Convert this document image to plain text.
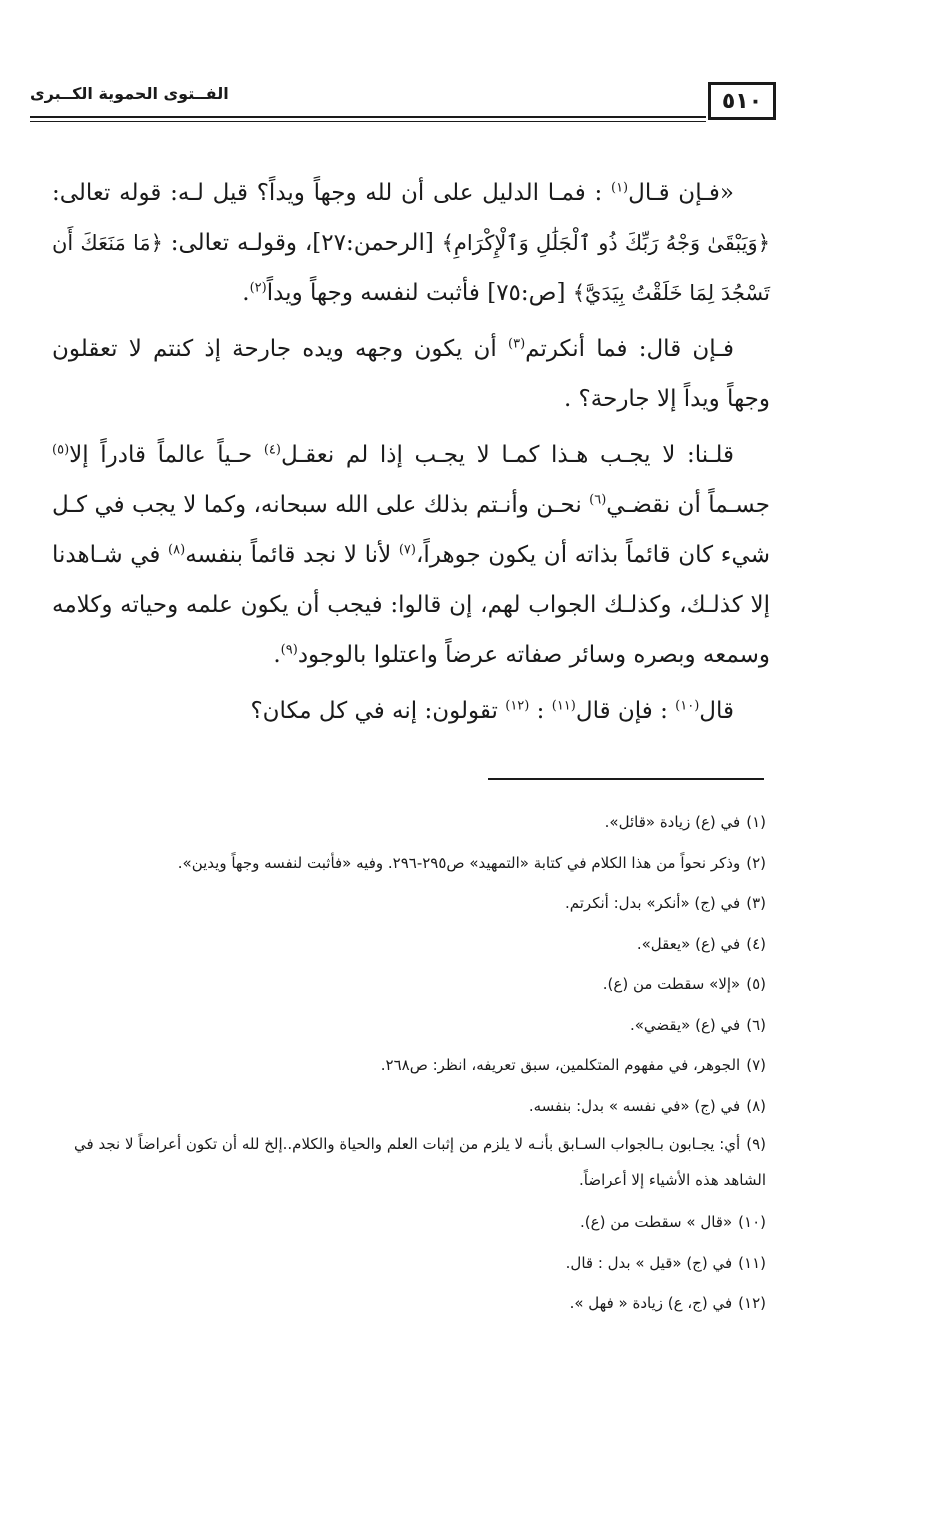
الفــتوى الحموية الكــبرى	٥١٠

«فـإن قـال$^{(١)}$ : فمـا الدليل على أن لله وجهاً ويداً؟ قيل لـه: قوله تعالى: ﴿وَيَبْقَىٰ وَجْهُ رَبِّكَ ذُو ٱلْجَلَٰلِ وَٱلْإِكْرَامِ﴾ [الرحمن:٢٧]، وقولـه تعالى: ﴿مَا مَنَعَكَ أَن تَسْجُدَ لِمَا خَلَقْتُ بِيَدَيَّ﴾ [ص:٧٥] فأثبت لنفسه وجهاً ويداً$^{(٢)}$.

فـإن قال: فما أنكرتم$^{(٣)}$ أن يكون وجهه ويده جارحة إذ كنتم لا تعقلون وجهاً ويداً إلا جارحة؟ .

قلـنا: لا يجـب هـذا كمـا لا يجـب إذا لم نعقـل$^{(٤)}$ حـياً عالماً قادراً إلا$^{(٥)}$ جسـماً أن نقضـي$^{(٦)}$ نحـن وأنـتم بذلك على الله سبحانه، وكما لا يجب في كـل شيء كان قائماً بذاته أن يكون جوهراً،$^{(٧)}$ لأنا لا نجد قائماً بنفسه$^{(٨)}$ في شـاهدنا إلا كذلـك، وكذلـك الجواب لهم، إن قالوا: فيجب أن يكون علمه وحياته وكلامه وسمعه وبصره وسائر صفاته عرضاً واعتلوا بالوجود$^{(٩)}$.

قال$^{(١٠)}$ : فإن قال$^{(١١)}$ : $^{(١٢)}$ تقولون: إنه في كل مكان؟

(١)في (ع) زيادة «قائل».

(٢)وذكر نحواً من هذا الكلام في كتابة «التمهيد» ص٢٩٥-٢٩٦. وفيه «فأثبت لنفسه وجهاً ويدين».

(٣)في (ج) «أنكر» بدل: أنكرتم.

(٤)في (ع) «يعقل».

(٥)«إلا» سقطت من (ع).

(٦)في (ع) «يقضي».

(٧)الجوهر، في مفهوم المتكلمين، سبق تعريفه، انظر: ص٢٦٨.

(٨)في (ج) «في نفسه » بدل: بنفسه.

(٩)أي: يجـابون بـالجواب السـابق بأنـه لا يلزم من إثبات العلم والحياة والكلام..إلخ لله أن تكون أعراضاً لا نجد في الشاهد هذه الأشياء إلا أعراضاً.

(١٠)«قال » سقطت من (ع).

(١١)في (ج) «قيل » بدل : قال.

(١٢)في (ج، ع) زيادة « فهل ».
